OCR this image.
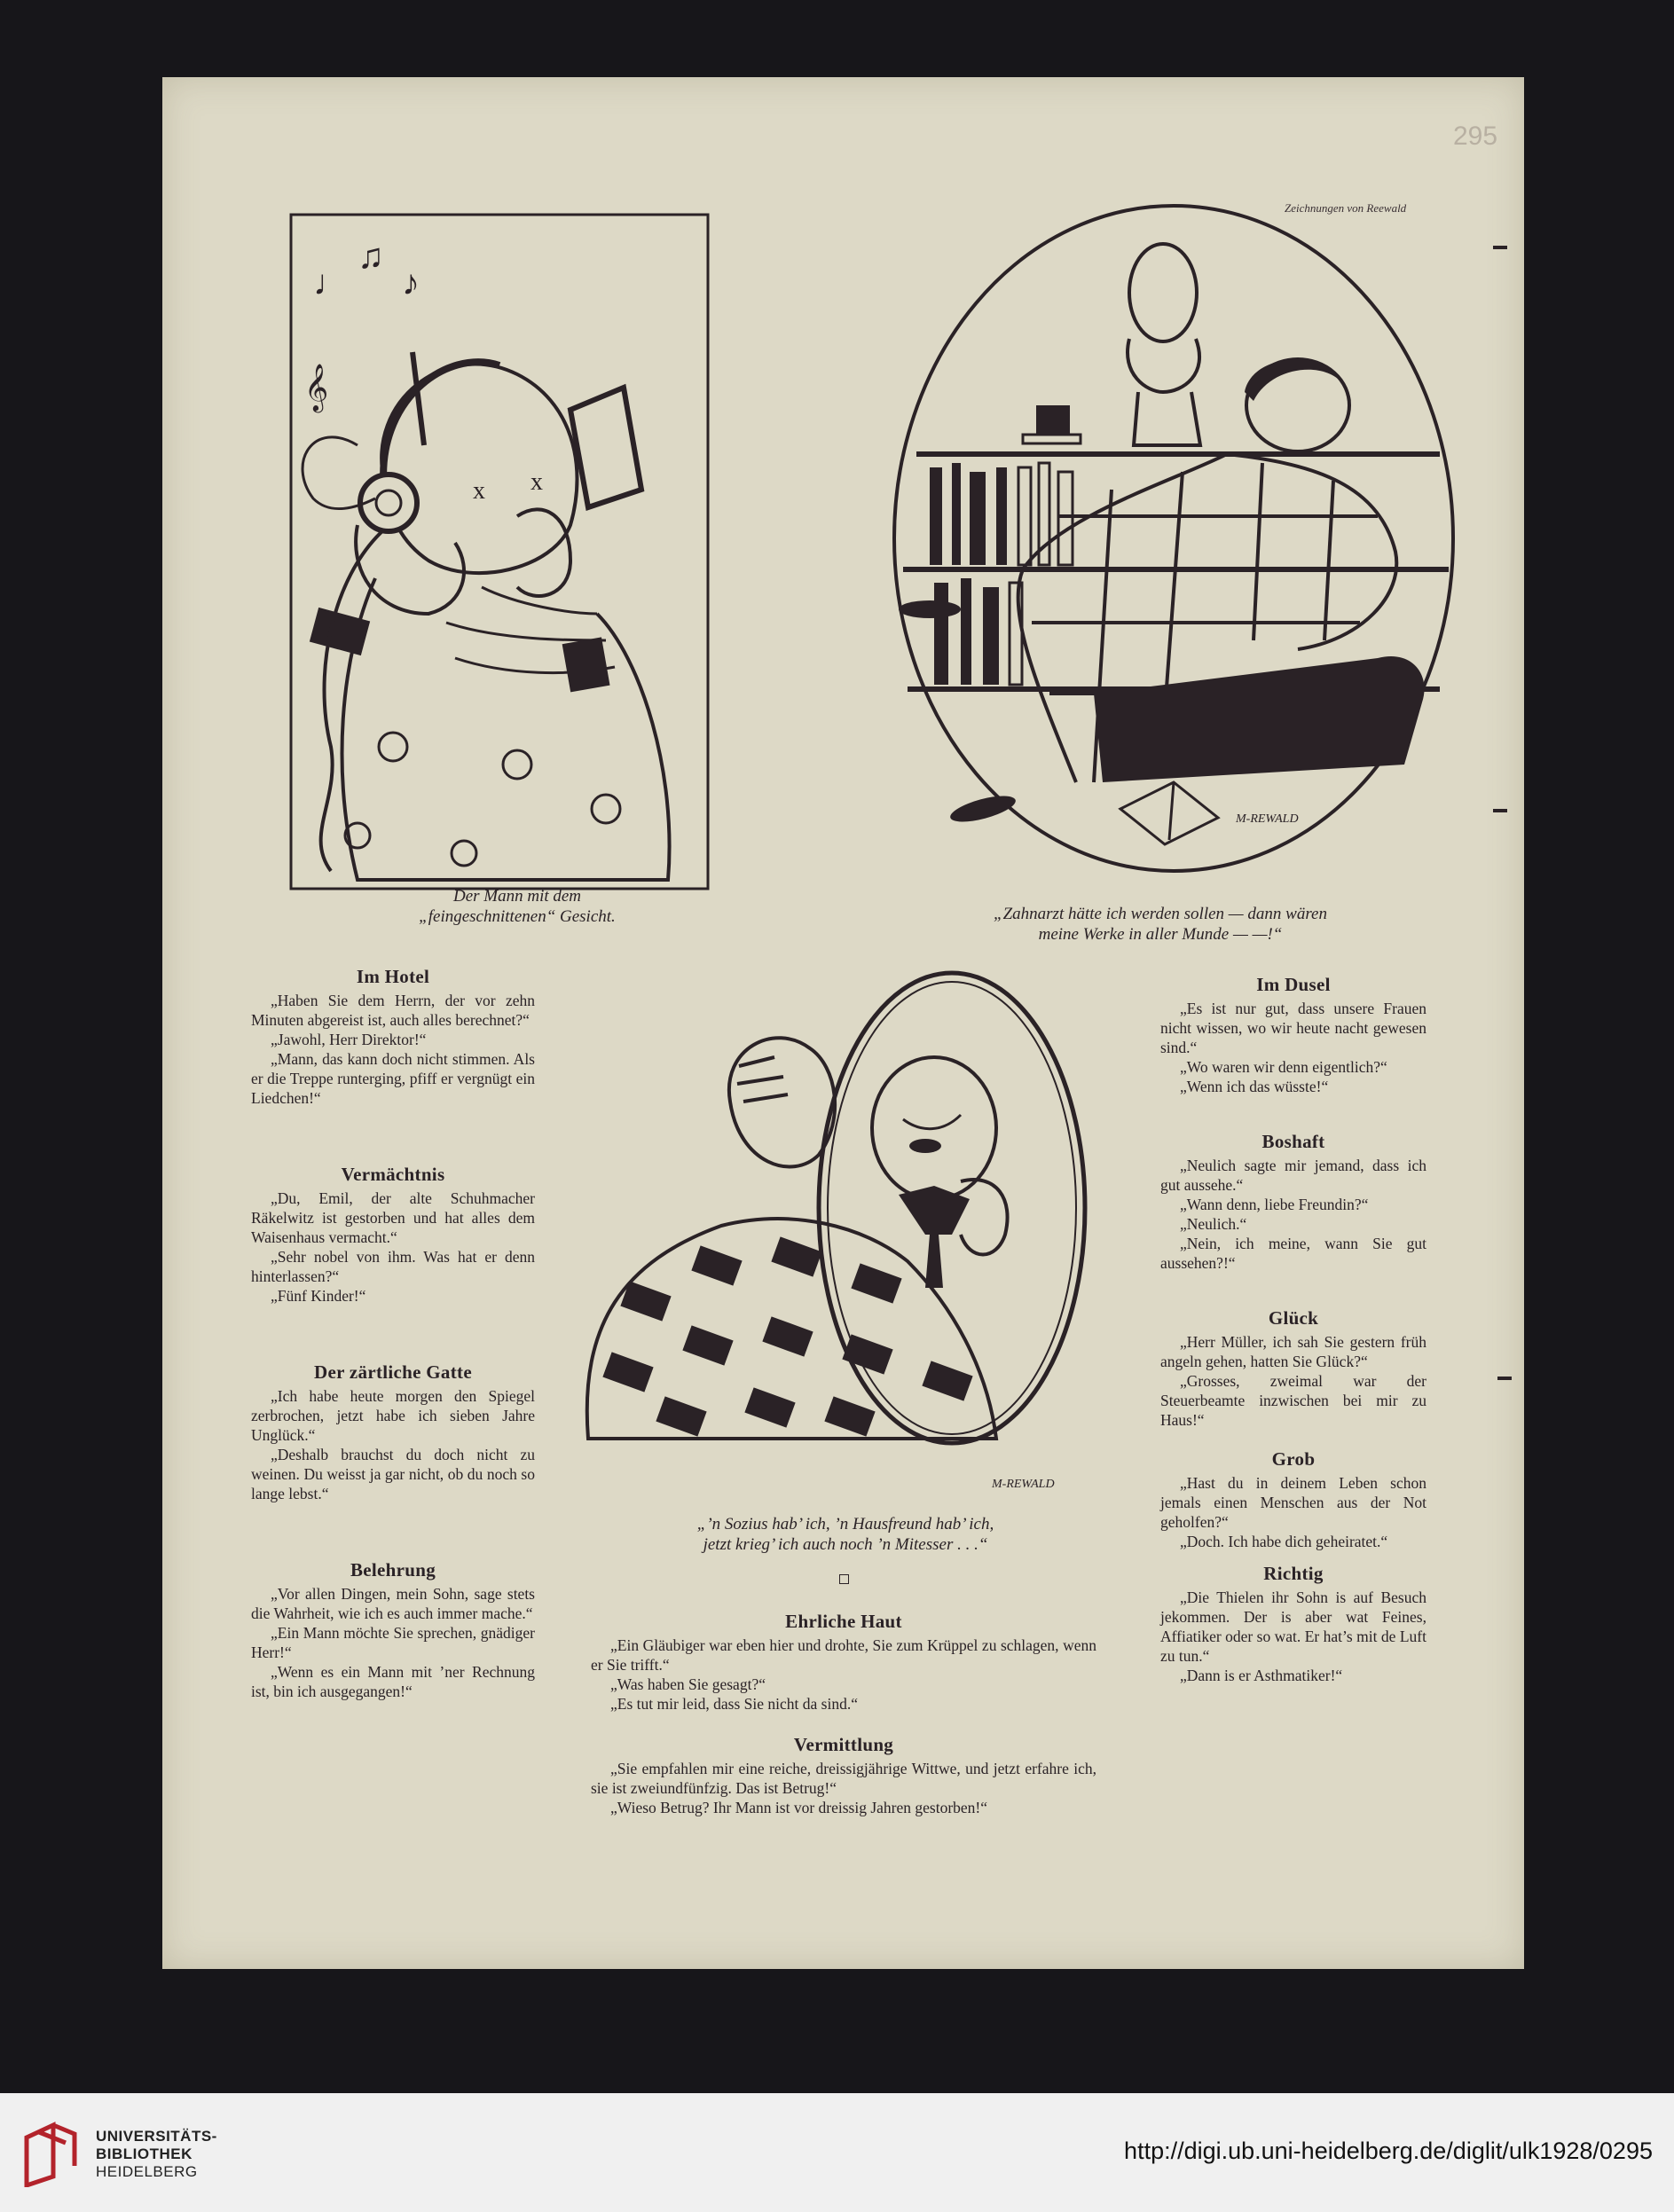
295
Zeichnungen von Reewald
♩
♫
♪
𝄞
x x
Der Mann mit dem
„feingeschnittenen“ Gesicht.
M-REWALD
„Zahnarzt hätte ich werden sollen — dann wären
meine Werke in aller Munde — —!“
M-REWALD
„’n Sozius hab’ ich, ’n Hausfreund hab’ ich,
jetzt krieg’ ich auch noch ’n Mitesser . . .“
Im Hotel

„Haben Sie dem Herrn, der vor zehn Minuten abgereist ist, auch alles berechnet?“

„Jawohl, Herr Direktor!“

„Mann, das kann doch nicht stimmen. Als er die Treppe runterging, pfiff er vergnügt ein Liedchen!“

Vermächtnis

„Du, Emil, der alte Schuhmacher Räkelwitz ist gestorben und hat alles dem Waisenhaus vermacht.“

„Sehr nobel von ihm. Was hat er denn hinterlassen?“

„Fünf Kinder!“

Der zärtliche Gatte

„Ich habe heute morgen den Spiegel zerbrochen, jetzt habe ich sieben Jahre Unglück.“

„Deshalb brauchst du doch nicht zu weinen. Du weisst ja gar nicht, ob du noch so lange lebst.“

Belehrung

„Vor allen Dingen, mein Sohn, sage stets die Wahrheit, wie ich es auch immer mache.“

„Ein Mann möchte Sie sprechen, gnädiger Herr!“

„Wenn es ein Mann mit ’ner Rechnung ist, bin ich ausgegangen!“

Ehrliche Haut

„Ein Gläubiger war eben hier und drohte, Sie zum Krüppel zu schlagen, wenn er Sie trifft.“

„Was haben Sie gesagt?“

„Es tut mir leid, dass Sie nicht da sind.“

Vermittlung

„Sie empfahlen mir eine reiche, dreissigjährige Wittwe, und jetzt erfahre ich, sie ist zweiundfünfzig. Das ist Betrug!“

„Wieso Betrug? Ihr Mann ist vor dreissig Jahren gestorben!“

Im Dusel

„Es ist nur gut, dass unsere Frauen nicht wissen, wo wir heute nacht gewesen sind.“

„Wo waren wir denn eigentlich?“

„Wenn ich das wüsste!“

Boshaft

„Neulich sagte mir jemand, dass ich gut aussehe.“

„Wann denn, liebe Freundin?“

„Neulich.“

„Nein, ich meine, wann Sie gut aussehen?!“

Glück

„Herr Müller, ich sah Sie gestern früh angeln gehen, hatten Sie Glück?“

„Grosses, zweimal war der Steuerbeamte inzwischen bei mir zu Haus!“

Grob

„Hast du in deinem Leben schon jemals einen Menschen aus der Not geholfen?“

„Doch. Ich habe dich geheiratet.“

Richtig

„Die Thielen ihr Sohn is auf Besuch jekommen. Der is aber wat Feines, Affiatiker oder so wat. Er hat’s mit de Luft zu tun.“

„Dann is er Asthmatiker!“

UNIVERSITÄTS-
BIBLIOTHEK
HEIDELBERG
http://digi.ub.uni-heidelberg.de/diglit/ulk1928/0295
